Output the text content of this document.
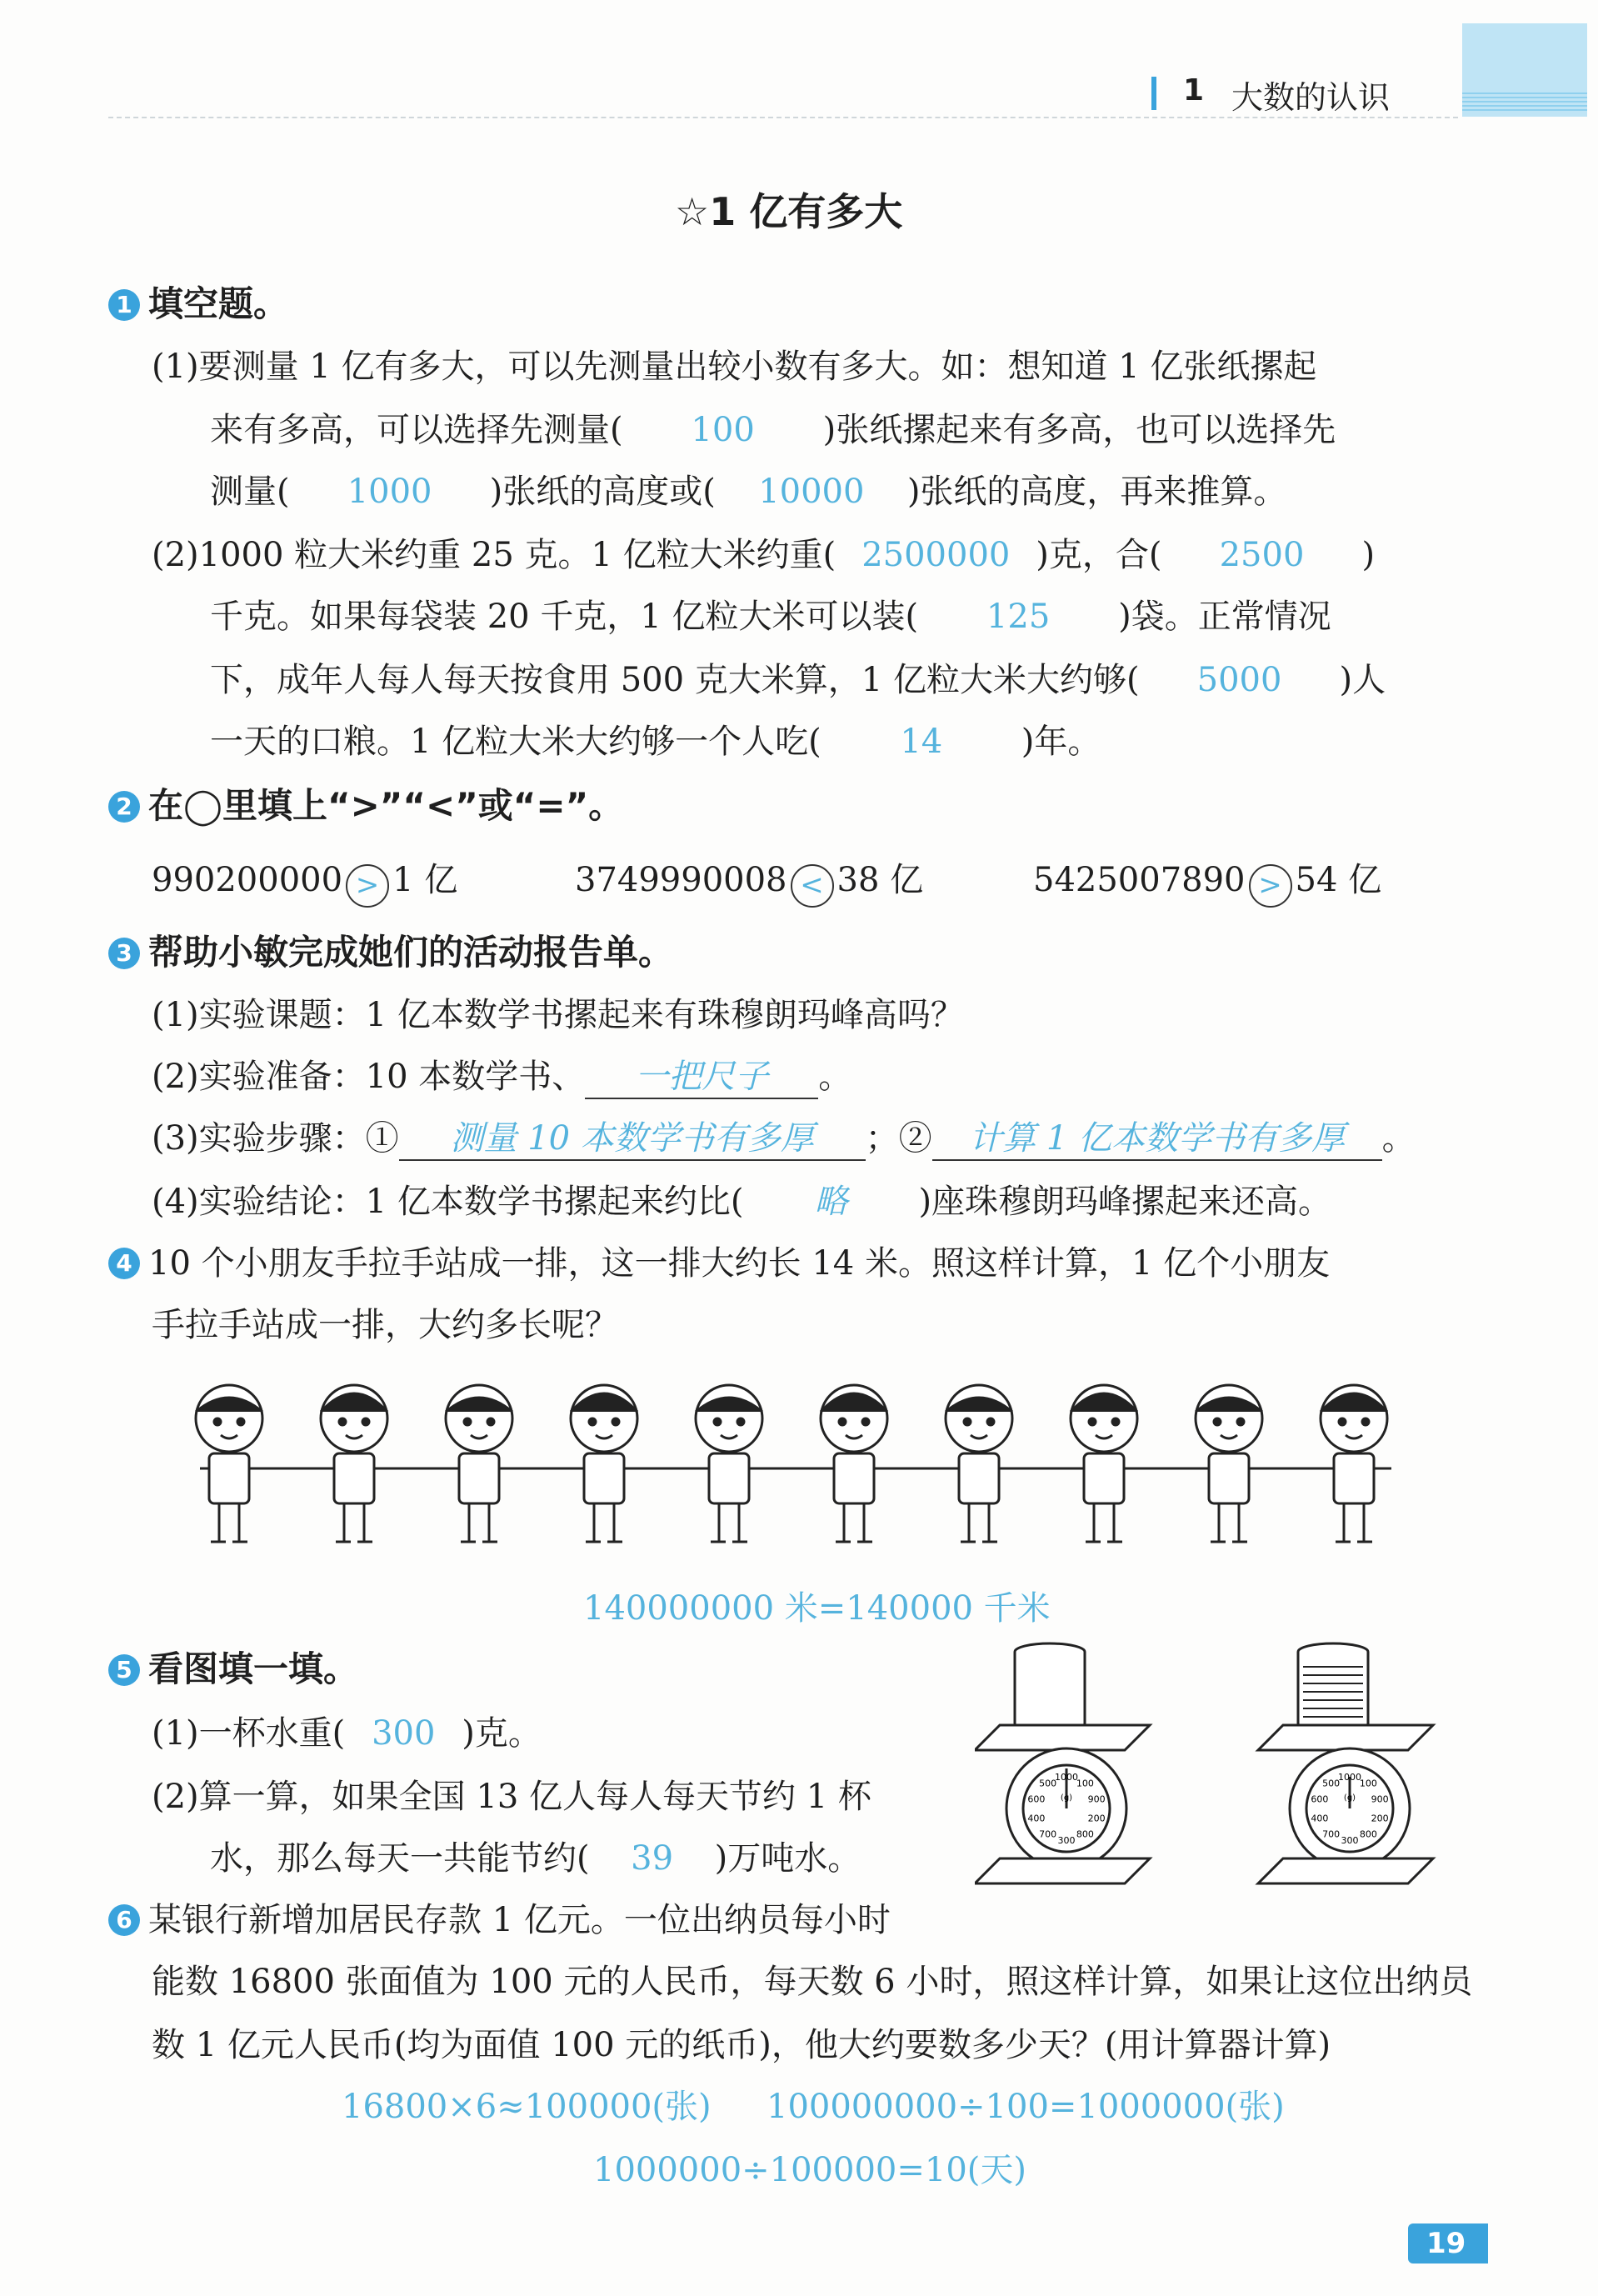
1 大数的认识
☆1 亿有多大
1 填空题。
(1)要测量 1 亿有多大，可以先测量出较小数有多大。如：想知道 1 亿张纸摞起
来有多高，可以选择先测量( 100 )张纸摞起来有多高，也可以选择先
测量( 1000 )张纸的高度或( 10000 )张纸的高度，再来推算。
(2)1000 粒大米约重 25 克。1 亿粒大米约重( 2500000 )克，合( 2500 )
千克。如果每袋装 20 千克，1 亿粒大米可以装( 125 )袋。正常情况
下，成年人每人每天按食用 500 克大米算，1 亿粒大米大约够( 5000 )人
一天的口粮。1 亿粒大米大约够一个人吃( 14 )年。
2 在◯里填上“>”“<”或“=”。
990200000 > 1 亿	3749990008 < 38 亿	5425007890 > 54 亿
3 帮助小敏完成她们的活动报告单。
(1)实验课题：1 亿本数学书摞起来有珠穆朗玛峰高吗？
(2)实验准备：10 本数学书、 一把尺子 。
(3)实验步骤：① 测量 10 本数学书有多厚 ；② 计算 1 亿本数学书有多厚 。
(4)实验结论：1 亿本数学书摞起来约比( 略 )座珠穆朗玛峰摞起来还高。
4 10 个小朋友手拉手站成一排，这一排大约长 14 米。照这样计算，1 亿个小朋友
手拉手站成一排，大约多长呢？
140000000 米=140000 千米
5 看图填一填。
(1)一杯水重( 300 )克。
(2)算一算，如果全国 13 亿人每人每天节约 1 杯
水，那么每天一共能节约( 39 )万吨水。
1000
100
900
200
800
300
700
400
600
500
(g)
1000
100
900
200
800
300
700
400
600
500
(g)
6 某银行新增加居民存款 1 亿元。一位出纳员每小时
能数 16800 张面值为 100 元的人民币，每天数 6 小时，照这样计算，如果让这位出纳员
数 1 亿元人民币(均为面值 100 元的纸币)，他大约要数多少天？(用计算器计算)
16800×6≈100000(张) 100000000÷100=1000000(张)
1000000÷100000=10(天)
19
